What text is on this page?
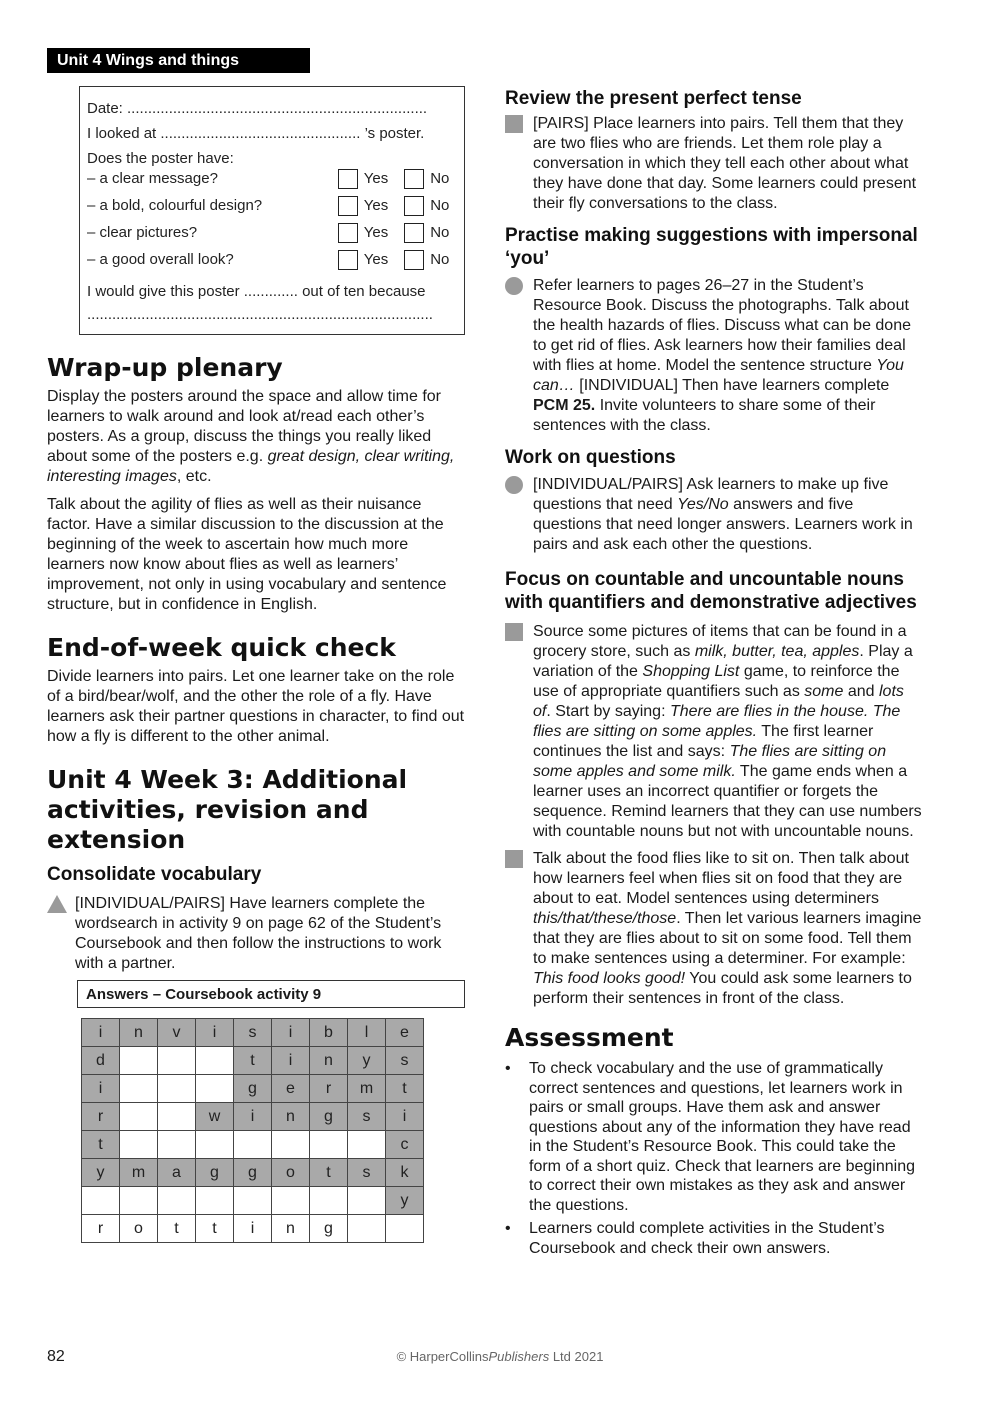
Unit 4 Wings and things
Date: ........................................................................
I looked at ................................................ ’s poster.
Does the poster have:
– a clear message?	Yes	No
– a bold, colourful design?	Yes	No
– clear pictures?	Yes	No
– a good overall look?	Yes	No
I would give this poster ............. out of ten because
...................................................................................
Wrap-up plenary

Display the posters around the space and allow time for learners to walk around and look at/read each other’s posters. As a group, discuss the things you really liked about some of the posters e.g. great design, clear writing, interesting images, etc.

Talk about the agility of flies as well as their nuisance factor. Have a similar discussion to the discussion at the beginning of the week to ascertain how much more learners now know about flies as well as learners’ improvement, not only in using vocabulary and sentence structure, but in confidence in English.

End-of-week quick check

Divide learners into pairs. Let one learner take on the role of a bird/bear/wolf, and the other the role of a fly. Have learners ask their partner questions in character, to find out how a fly is different to the other animal.

Unit 4 Week 3: Additional activities, revision and extension
Consolidate vocabulary
[INDIVIDUAL/PAIRS] Have learners complete the wordsearch in activity 9 on page 62 of the Student’s Coursebook and then follow the instructions to work with a partner.
Answers – Coursebook activity 9
i	n	v	i	s	i	b	l	e
d				t	i	n	y	s
i				g	e	r	m	t
r			w	i	n	g	s	i
t								c
y	m	a	g	g	o	t	s	k
								y
r	o	t	t	i	n	g		
Review the present perfect tense
[PAIRS] Place learners into pairs. Tell them that they are two flies who are friends. Let them role play a conversation in which they tell each other about what they have done that day. Some learners could present their fly conversations to the class.
Practise making suggestions with impersonal ‘you’
Refer learners to pages 26–27 in the Student’s Resource Book. Discuss the photographs. Talk about the health hazards of flies. Discuss what can be done to get rid of flies. Ask learners how their families deal with flies at home. Model the sentence structure You can… [INDIVIDUAL] Then have learners complete PCM 25. Invite volunteers to share some of their sentences with the class.
Work on questions
[INDIVIDUAL/PAIRS] Ask learners to make up five questions that need Yes/No answers and five questions that need longer answers. Learners work in pairs and ask each other the questions.
Focus on countable and uncountable nouns with quantifiers and demonstrative adjectives
Source some pictures of items that can be found in a grocery store, such as milk, butter, tea, apples. Play a variation of the Shopping List game, to reinforce the use of appropriate quantifiers such as some and lots of. Start by saying: There are flies in the house. The flies are sitting on some apples. The first learner continues the list and says: The flies are sitting on some apples and some milk. The game ends when a learner uses an incorrect quantifier or forgets the sequence. Remind learners that they can use numbers with countable nouns but not with uncountable nouns.
Talk about the food flies like to sit on. Then talk about how learners feel when flies sit on food that they are about to eat. Model sentences using determiners this/that/these/those. Then let various learners imagine that they are flies about to sit on some food. Tell them to make sentences using a determiner. For example: This food looks good! You could ask some learners to perform their sentences in front of the class.
Assessment
•	To check vocabulary and the use of grammatically correct sentences and questions, let learners work in pairs or small groups. Have them ask and answer questions about any of the information they have read in the Student’s Resource Book. This could take the form of a short quiz. Check that learners are beginning to correct their own mistakes as they ask and answer the questions.
•	Learners could complete activities in the Student’s Coursebook and check their own answers.
82	© HarperCollinsPublishers Ltd 2021
